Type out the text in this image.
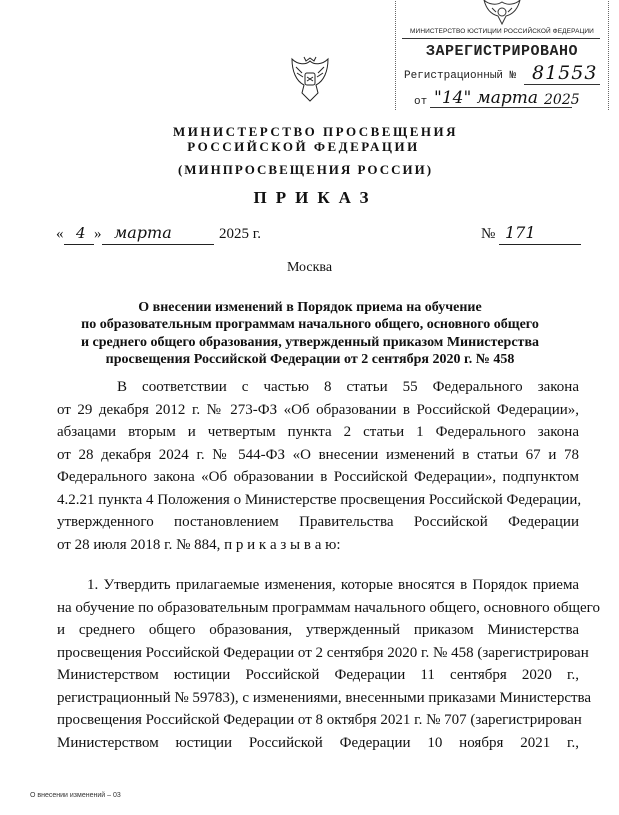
МИНИСТЕРСТВО ЮСТИЦИИ РОССИЙСКОЙ ФЕДЕРАЦИИ
ЗАРЕГИСТРИРОВАНО
Регистрационный № 81553
от "14" марта 2025
МИНИСТЕРСТВО ПРОСВЕЩЕНИЯ
РОССИЙСКОЙ ФЕДЕРАЦИИ
(МИНПРОСВЕЩЕНИЯ РОССИИ)
ПРИКАЗ
« 4 » марта	2025 г.	№ 171
Москва
О внесении изменений в Порядок приема на обучение
по образовательным программам начального общего, основного общего
и среднего общего образования, утвержденный приказом Министерства
просвещения Российской Федерации от 2 сентября 2020 г. № 458
В соответствии с частью 8 статьи 55 Федерального закона
от 29 декабря 2012 г. № 273-ФЗ «Об образовании в Российской Федерации»,
абзацами вторым и четвертым пункта 2 статьи 1 Федерального закона
от 28 декабря 2024 г. № 544-ФЗ «О внесении изменений в статьи 67 и 78
Федерального закона «Об образовании в Российской Федерации», подпунктом
4.2.21 пункта 4 Положения о Министерстве просвещения Российской Федерации,
утвержденного постановлением Правительства Российской Федерации
от 28 июля 2018 г. № 884, п р и к а з ы в а ю:
1. Утвердить прилагаемые изменения, которые вносятся в Порядок приема
на обучение по образовательным программам начального общего, основного общего
и среднего общего образования, утвержденный приказом Министерства
просвещения Российской Федерации от 2 сентября 2020 г. № 458 (зарегистрирован
Министерством юстиции Российской Федерации 11 сентября 2020 г.,
регистрационный № 59783), с изменениями, внесенными приказами Министерства
просвещения Российской Федерации от 8 октября 2021 г. № 707 (зарегистрирован
Министерством юстиции Российской Федерации 10 ноября 2021 г.,
О внесении изменений – 03
